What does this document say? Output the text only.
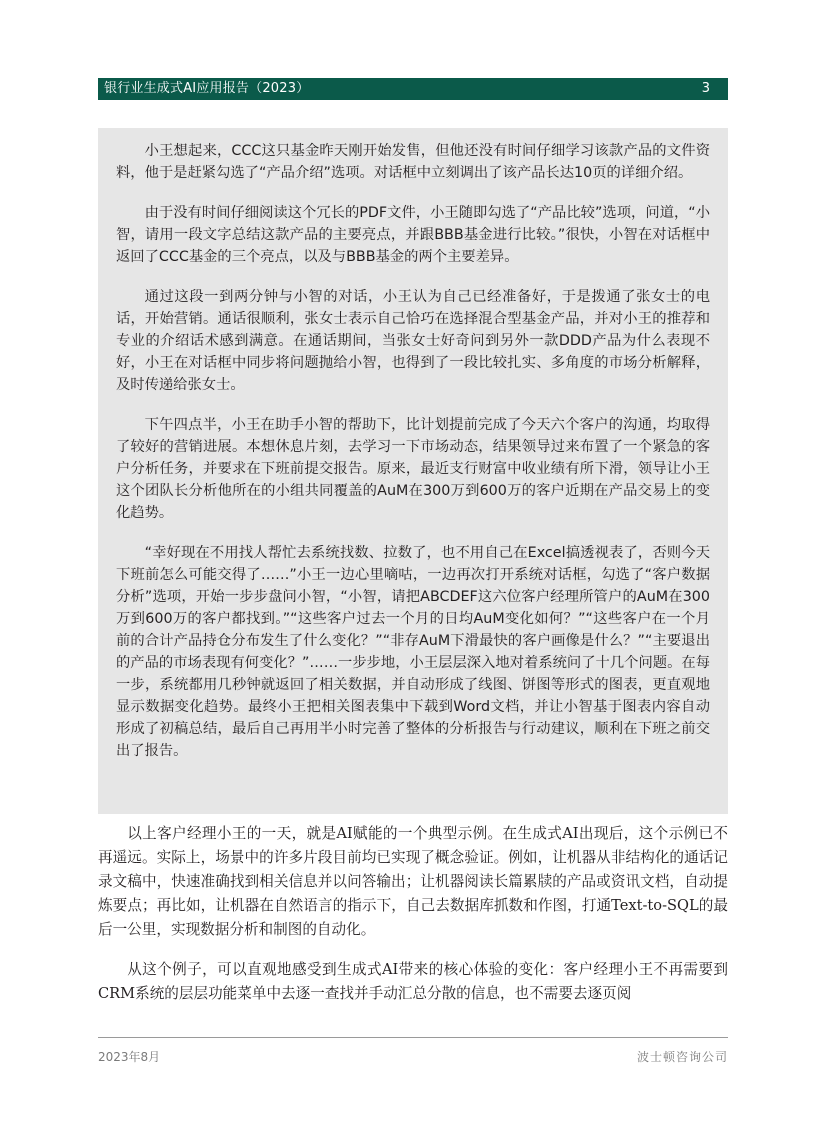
银行业生成式AI应用报告（2023）	3

小王想起来，CCC这只基金昨天刚开始发售，但他还没有时间仔细学习该款产品的文件资料，他于是赶紧勾选了“产品介绍”选项。对话框中立刻调出了该产品长达10页的详细介绍。

由于没有时间仔细阅读这个冗长的PDF文件，小王随即勾选了“产品比较”选项，问道，“小智，请用一段文字总结这款产品的主要亮点，并跟BBB基金进行比较。”很快，小智在对话框中返回了CCC基金的三个亮点，以及与BBB基金的两个主要差异。

通过这段一到两分钟与小智的对话，小王认为自己已经准备好，于是拨通了张女士的电话，开始营销。通话很顺利，张女士表示自己恰巧在选择混合型基金产品，并对小王的推荐和专业的介绍话术感到满意。在通话期间，当张女士好奇问到另外一款DDD产品为什么表现不好，小王在对话框中同步将问题抛给小智，也得到了一段比较扎实、多角度的市场分析解释，及时传递给张女士。

下午四点半，小王在助手小智的帮助下，比计划提前完成了今天六个客户的沟通，均取得了较好的营销进展。本想休息片刻，去学习一下市场动态，结果领导过来布置了一个紧急的客户分析任务，并要求在下班前提交报告。原来，最近支行财富中收业绩有所下滑，领导让小王这个团队长分析他所在的小组共同覆盖的AuM在300万到600万的客户近期在产品交易上的变化趋势。

“幸好现在不用找人帮忙去系统找数、拉数了，也不用自己在Excel搞透视表了，否则今天下班前怎么可能交得了……”小王一边心里嘀咕，一边再次打开系统对话框，勾选了“客户数据分析”选项，开始一步步盘问小智，“小智，请把ABCDEF这六位客户经理所管户的AuM在300万到600万的客户都找到。”“这些客户过去一个月的日均AuM变化如何？”“这些客户在一个月前的合计产品持仓分布发生了什么变化？”“非存AuM下滑最快的客户画像是什么？”“主要退出的产品的市场表现有何变化？”……一步步地，小王层层深入地对着系统问了十几个问题。在每一步，系统都用几秒钟就返回了相关数据，并自动形成了线图、饼图等形式的图表，更直观地显示数据变化趋势。最终小王把相关图表集中下载到Word文档，并让小智基于图表内容自动形成了初稿总结，最后自己再用半小时完善了整体的分析报告与行动建议，顺利在下班之前交出了报告。

以上客户经理小王的一天，就是AI赋能的一个典型示例。在生成式AI出现后，这个示例已不再遥远。实际上，场景中的许多片段目前均已实现了概念验证。例如，让机器从非结构化的通话记录文稿中，快速准确找到相关信息并以问答输出；让机器阅读长篇累牍的产品或资讯文档，自动提炼要点；再比如，让机器在自然语言的指示下，自己去数据库抓数和作图，打通Text-to-SQL的最后一公里，实现数据分析和制图的自动化。

从这个例子，可以直观地感受到生成式AI带来的核心体验的变化：客户经理小王不再需要到CRM系统的层层功能菜单中去逐一查找并手动汇总分散的信息，也不需要去逐页阅

2023年8月	波士顿咨询公司
